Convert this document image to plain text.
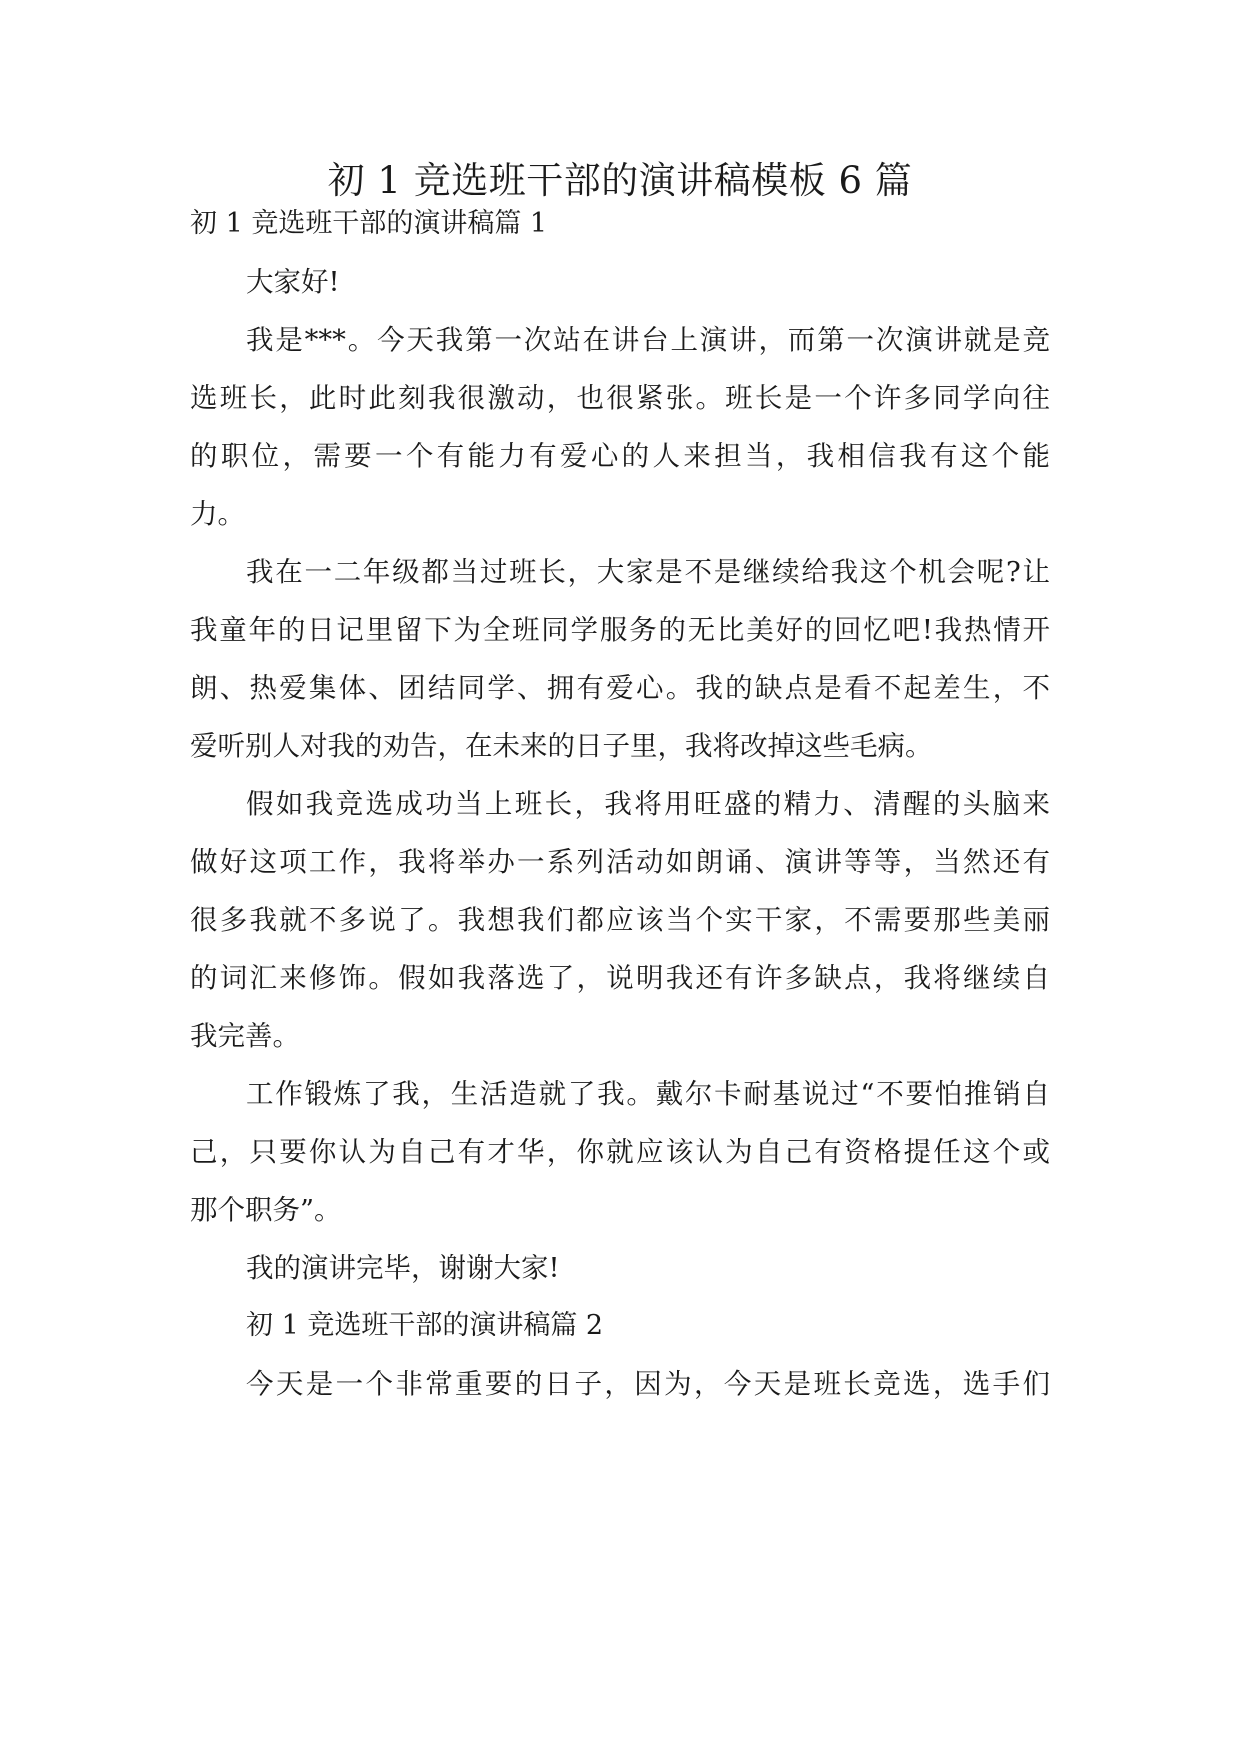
初 1 竞选班干部的演讲稿模板 6 篇
初 1 竞选班干部的演讲稿篇 1

大家好!

我是***。今天我第一次站在讲台上演讲，而第一次演讲就是竞

选班长，此时此刻我很激动，也很紧张。班长是一个许多同学向往

的职位，需要一个有能力有爱心的人来担当，我相信我有这个能

力。

我在一二年级都当过班长，大家是不是继续给我这个机会呢?让

我童年的日记里留下为全班同学服务的无比美好的回忆吧!我热情开

朗、热爱集体、团结同学、拥有爱心。我的缺点是看不起差生，不

爱听别人对我的劝告，在未来的日子里，我将改掉这些毛病。

假如我竞选成功当上班长，我将用旺盛的精力、清醒的头脑来

做好这项工作，我将举办一系列活动如朗诵、演讲等等，当然还有

很多我就不多说了。我想我们都应该当个实干家，不需要那些美丽

的词汇来修饰。假如我落选了，说明我还有许多缺点，我将继续自

我完善。

工作锻炼了我，生活造就了我。戴尔卡耐基说过“不要怕推销自

己，只要你认为自己有才华，你就应该认为自己有资格提任这个或

那个职务”。

我的演讲完毕，谢谢大家!

初 1 竞选班干部的演讲稿篇 2

今天是一个非常重要的日子，因为，今天是班长竞选，选手们
